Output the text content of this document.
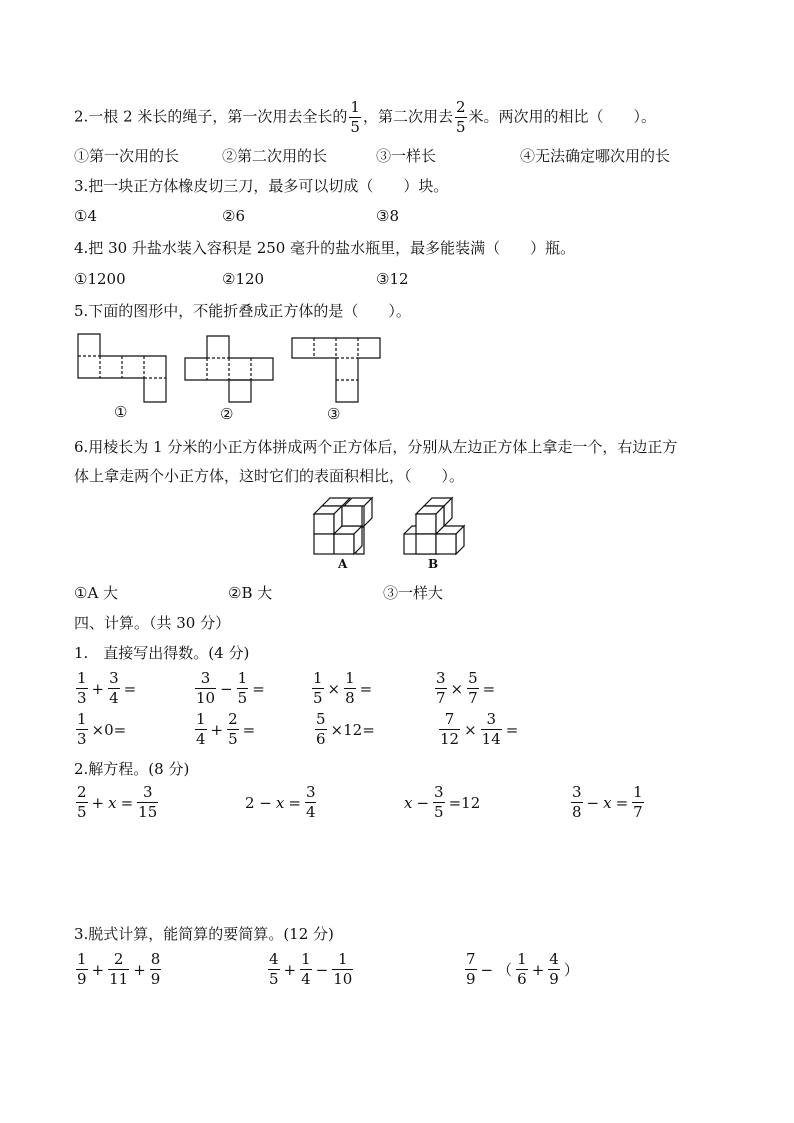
2.一根 2 米长的绳子，第一次用去全长的 $\frac{1}{5}$ ，第二次用去 $\frac{2}{5}$ 米。两次用的相比（　　）。
①第一次用的长	②第二次用的长	③一样长	④无法确定哪次用的长
3.把一块正方体橡皮切三刀，最多可以切成（　　）块。
①4	②6	③8
4.把 30 升盐水装入容积是 250 毫升的盐水瓶里，最多能装满（　　）瓶。
①1200	②120	③12
5.下面的图形中，不能折叠成正方体的是（　　）。
①	②	③
6.用棱长为 1 分米的小正方体拼成两个正方体后，分别从左边正方体上拿走一个，右边正方
体上拿走两个小正方体，这时它们的表面积相比，（　　）。
A	B
①A 大	②B 大	③一样大
四、计算。（共 30 分）
1.　直接写出得数。(4 分)
$\frac{1}{3} + \frac{3}{4}$ =	$\frac{3}{10} - \frac{1}{5}$ =	$\frac{1}{5} \times \frac{1}{8}$ =	$\frac{3}{7} \times \frac{5}{7}$ =
$\frac{1}{3} \times 0=$	$\frac{1}{4} + \frac{2}{5}$ =	$\frac{5}{6} \times 12=$	$\frac{7}{12} \times \frac{3}{14}$ =
2.解方程。(8 分)
$\frac{2}{5} + x = \frac{3}{15}$	$2 - x = \frac{3}{4}$	$x - \frac{3}{5} =12$	$\frac{3}{8} - x = \frac{1}{7}$
3.脱式计算，能简算的要简算。(12 分)
$\frac{1}{9} + \frac{2}{11} + \frac{8}{9}$	$\frac{4}{5} + \frac{1}{4} - \frac{1}{10}$	$\frac{7}{9}$ − （ $\frac{1}{6} + \frac{4}{9}$ ）
